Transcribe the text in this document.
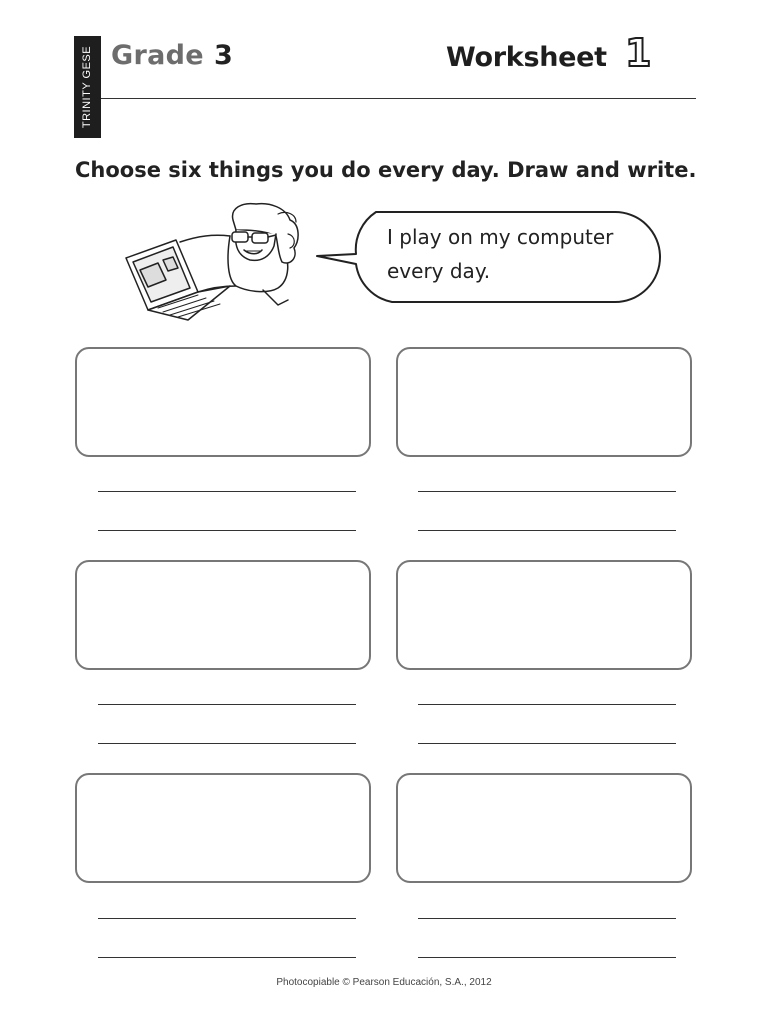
TRINITY GESE Grade 3	Worksheet 1
Choose six things you do every day. Draw and write.
I play on my computer
every day.
Photocopiable © Pearson Educación, S.A., 2012
